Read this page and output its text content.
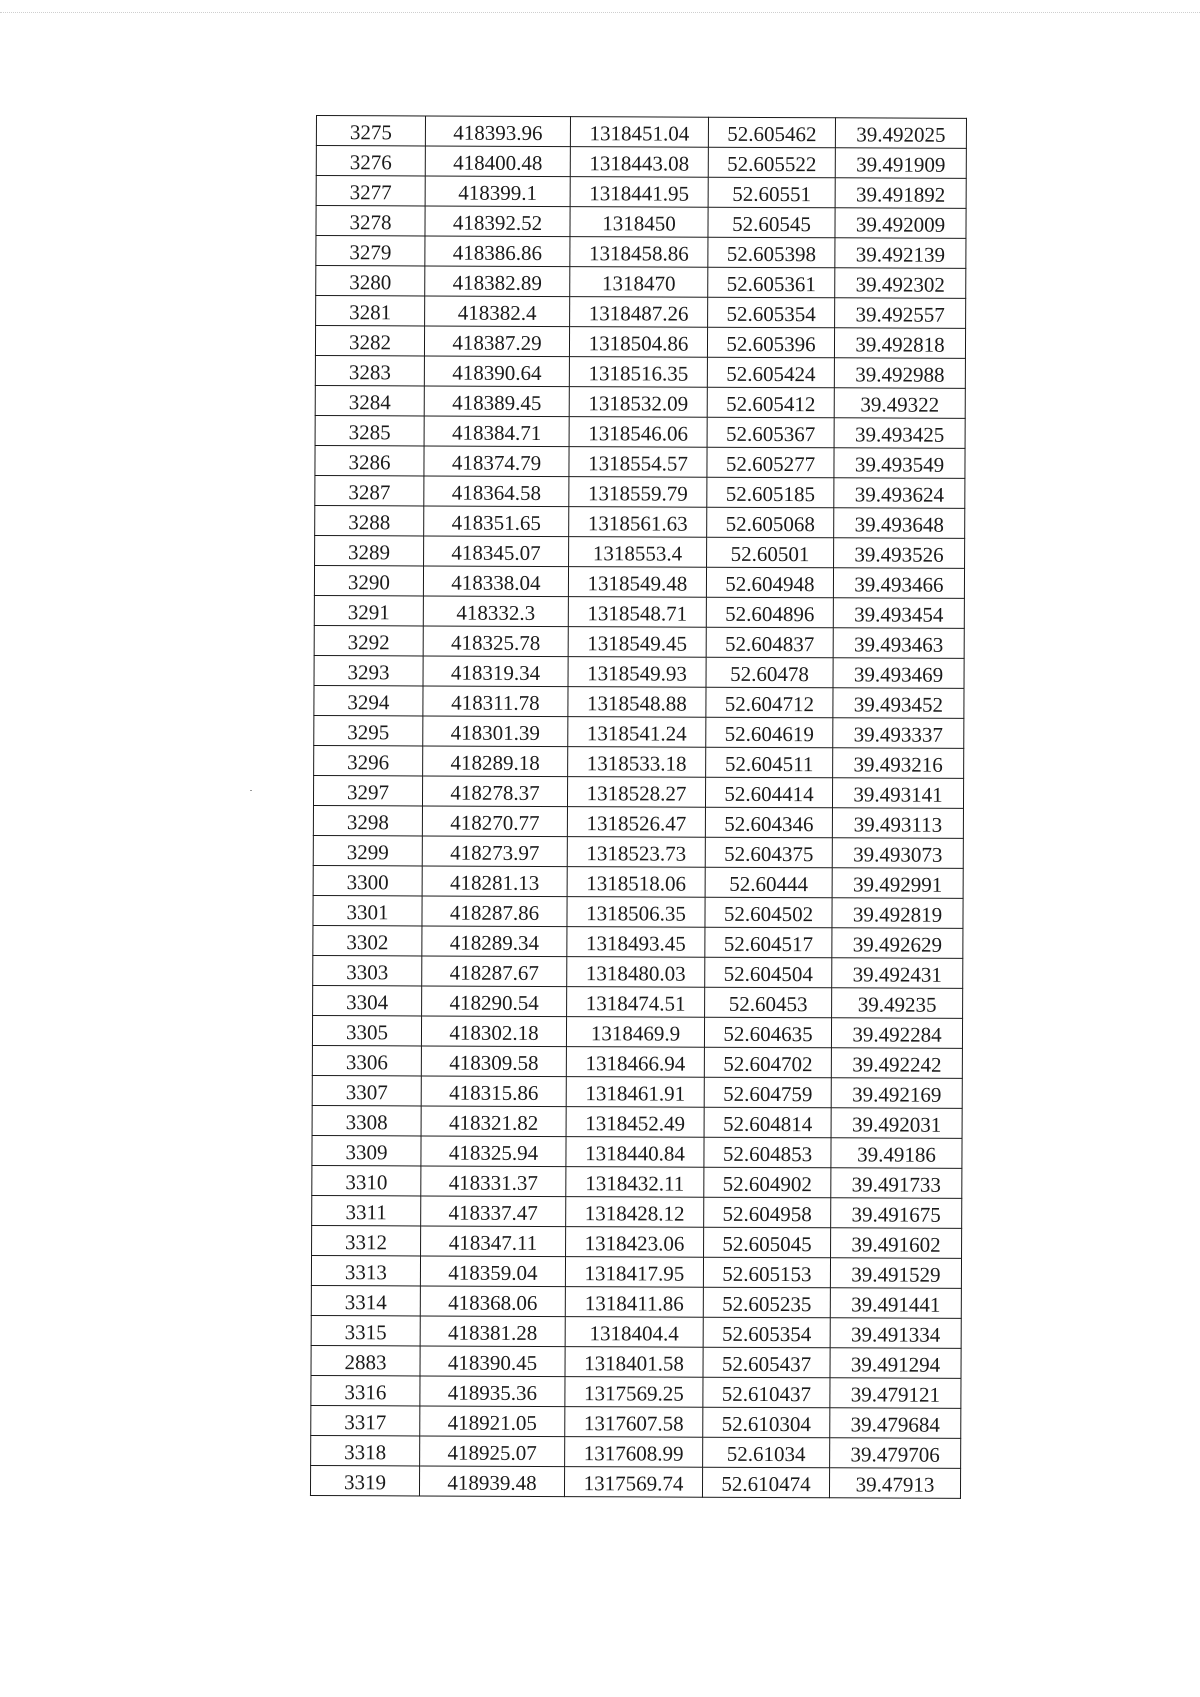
3275	418393.96	1318451.04	52.605462	39.492025
3276	418400.48	1318443.08	52.605522	39.491909
3277	418399.1	1318441.95	52.60551	39.491892
3278	418392.52	1318450	52.60545	39.492009
3279	418386.86	1318458.86	52.605398	39.492139
3280	418382.89	1318470	52.605361	39.492302
3281	418382.4	1318487.26	52.605354	39.492557
3282	418387.29	1318504.86	52.605396	39.492818
3283	418390.64	1318516.35	52.605424	39.492988
3284	418389.45	1318532.09	52.605412	39.49322
3285	418384.71	1318546.06	52.605367	39.493425
3286	418374.79	1318554.57	52.605277	39.493549
3287	418364.58	1318559.79	52.605185	39.493624
3288	418351.65	1318561.63	52.605068	39.493648
3289	418345.07	1318553.4	52.60501	39.493526
3290	418338.04	1318549.48	52.604948	39.493466
3291	418332.3	1318548.71	52.604896	39.493454
3292	418325.78	1318549.45	52.604837	39.493463
3293	418319.34	1318549.93	52.60478	39.493469
3294	418311.78	1318548.88	52.604712	39.493452
3295	418301.39	1318541.24	52.604619	39.493337
3296	418289.18	1318533.18	52.604511	39.493216
3297	418278.37	1318528.27	52.604414	39.493141
3298	418270.77	1318526.47	52.604346	39.493113
3299	418273.97	1318523.73	52.604375	39.493073
3300	418281.13	1318518.06	52.60444	39.492991
3301	418287.86	1318506.35	52.604502	39.492819
3302	418289.34	1318493.45	52.604517	39.492629
3303	418287.67	1318480.03	52.604504	39.492431
3304	418290.54	1318474.51	52.60453	39.49235
3305	418302.18	1318469.9	52.604635	39.492284
3306	418309.58	1318466.94	52.604702	39.492242
3307	418315.86	1318461.91	52.604759	39.492169
3308	418321.82	1318452.49	52.604814	39.492031
3309	418325.94	1318440.84	52.604853	39.49186
3310	418331.37	1318432.11	52.604902	39.491733
3311	418337.47	1318428.12	52.604958	39.491675
3312	418347.11	1318423.06	52.605045	39.491602
3313	418359.04	1318417.95	52.605153	39.491529
3314	418368.06	1318411.86	52.605235	39.491441
3315	418381.28	1318404.4	52.605354	39.491334
2883	418390.45	1318401.58	52.605437	39.491294
3316	418935.36	1317569.25	52.610437	39.479121
3317	418921.05	1317607.58	52.610304	39.479684
3318	418925.07	1317608.99	52.61034	39.479706
3319	418939.48	1317569.74	52.610474	39.47913
